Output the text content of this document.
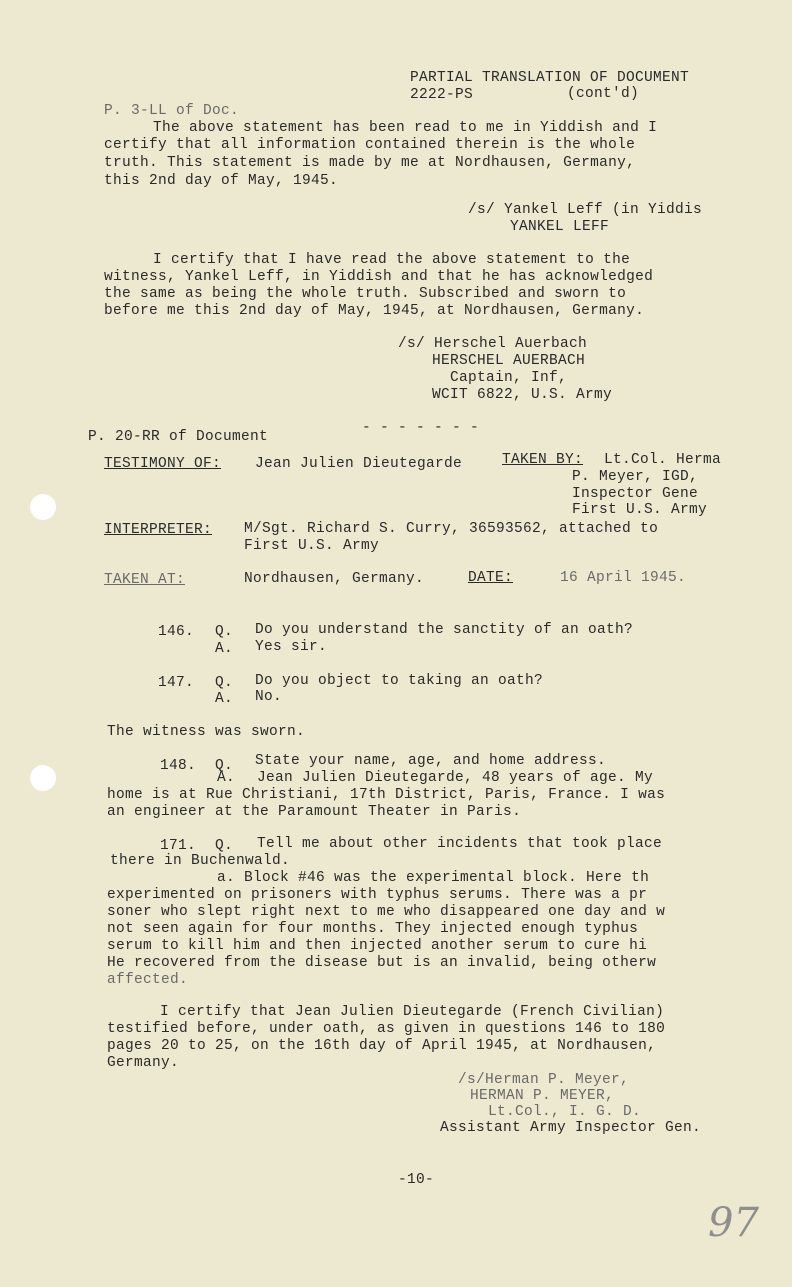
PARTIAL TRANSLATION OF DOCUMENT
2222-PS	(cont'd)
P. 3-LL of Doc.
The above statement has been read to me in Yiddish and I
certify that all information contained therein is the whole
truth. This statement is made by me at Nordhausen, Germany,
this 2nd day of May, 1945.
/s/ Yankel Leff (in Yiddis
YANKEL LEFF
I certify that I have read the above statement to the
witness, Yankel Leff, in Yiddish and that he has acknowledged
the same as being the whole truth. Subscribed and sworn to
before me this 2nd day of May, 1945, at Nordhausen, Germany.
/s/ Herschel Auerbach
HERSCHEL AUERBACH
Captain, Inf,
WCIT 6822, U.S. Army
- - - - - - -
P. 20-RR of Document
TESTIMONY OF: Jean Julien Dieutegarde	TAKEN BY: Lt.Col. Herma
P. Meyer, IGD,
Inspector Gene
First U.S. Army
INTERPRETER: M/Sgt. Richard S. Curry, 36593562, attached to
First U.S. Army
TAKEN AT:	Nordhausen, Germany.	DATE:	16 April 1945.
146. Q. Do you understand the sanctity of an oath?
A. Yes sir.
147. Q. Do you object to taking an oath?
A. No.
The witness was sworn.
148. Q. State your name, age, and home address.
A. Jean Julien Dieutegarde, 48 years of age. My
home is at Rue Christiani, 17th District, Paris, France. I was
an engineer at the Paramount Theater in Paris.
171. Q. Tell me about other incidents that took place
there in Buchenwald.
a. Block #46 was the experimental block. Here th
experimented on prisoners with typhus serums. There was a pr
soner who slept right next to me who disappeared one day and w
not seen again for four months. They injected enough typhus
serum to kill him and then injected another serum to cure hi
He recovered from the disease but is an invalid, being otherw
affected.
I certify that Jean Julien Dieutegarde (French Civilian)
testified before, under oath, as given in questions 146 to 180
pages 20 to 25, on the 16th day of April 1945, at Nordhausen,
Germany.
/s/Herman P. Meyer,
HERMAN P. MEYER,
Lt.Col., I. G. D.
Assistant Army Inspector Gen.
-10-
97
